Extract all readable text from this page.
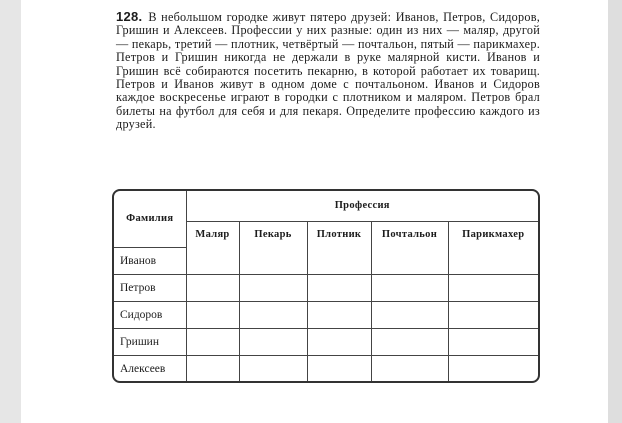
128. В небольшом городке живут пятеро друзей: Иванов, Петров, Сидоров, Гришин и Алексеев. Профессии у них разные: один из них — маляр, другой — пекарь, третий — плотник, четвёртый — почтальон, пятый — парикмахер. Петров и Гришин никогда не держали в руке малярной кисти. Иванов и Гришин всё собираются посетить пекарню, в которой работает их товарищ. Петров и Иванов живут в одном доме с почтальоном. Иванов и Сидоров каждое воскресенье играют в городки с плотником и маляром. Петров брал билеты на футбол для себя и для пекаря. Определите профессию каждого из друзей.
Фамилия	Профессия				
	Маляр	Пекарь	Плотник	Почтальон	Парикмахер
Иванов					
Петров					
Сидоров					
Гришин					
Алексеев					
